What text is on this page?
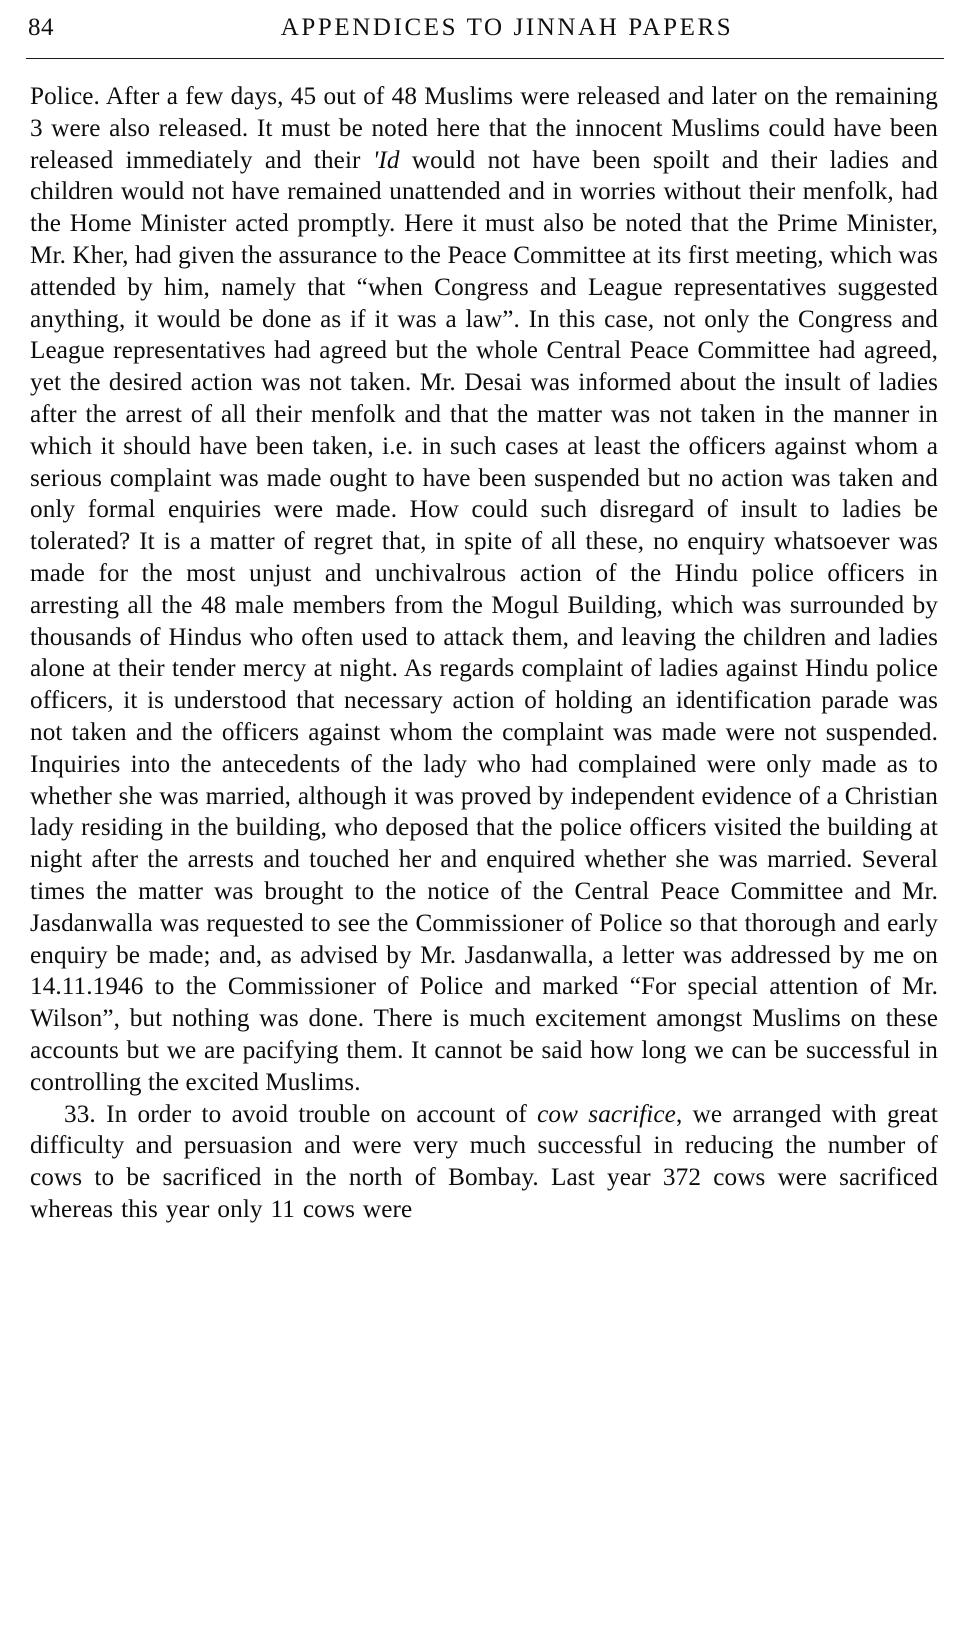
84	APPENDICES TO JINNAH PAPERS

Police. After a few days, 45 out of 48 Muslims were released and later on the remaining 3 were also released. It must be noted here that the innocent Muslims could have been released immediately and their 'Id would not have been spoilt and their ladies and children would not have remained unattended and in worries without their menfolk, had the Home Minister acted promptly. Here it must also be noted that the Prime Minister, Mr. Kher, had given the assurance to the Peace Committee at its first meeting, which was attended by him, namely that “when Congress and League representatives suggested anything, it would be done as if it was a law”. In this case, not only the Congress and League representatives had agreed but the whole Central Peace Committee had agreed, yet the desired action was not taken. Mr. Desai was informed about the insult of ladies after the arrest of all their menfolk and that the matter was not taken in the manner in which it should have been taken, i.e. in such cases at least the officers against whom a serious complaint was made ought to have been suspended but no action was taken and only formal enquiries were made. How could such disregard of insult to ladies be tolerated? It is a matter of regret that, in spite of all these, no enquiry whatsoever was made for the most unjust and unchivalrous action of the Hindu police officers in arresting all the 48 male members from the Mogul Building, which was surrounded by thousands of Hindus who often used to attack them, and leaving the children and ladies alone at their tender mercy at night. As regards complaint of ladies against Hindu police officers, it is understood that necessary action of holding an identification parade was not taken and the officers against whom the complaint was made were not suspended. Inquiries into the antecedents of the lady who had complained were only made as to whether she was married, although it was proved by independent evidence of a Christian lady residing in the building, who deposed that the police officers visited the building at night after the arrests and touched her and enquired whether she was married. Several times the matter was brought to the notice of the Central Peace Committee and Mr. Jasdanwalla was requested to see the Commissioner of Police so that thorough and early enquiry be made; and, as advised by Mr. Jasdanwalla, a letter was addressed by me on 14.11.1946 to the Commissioner of Police and marked “For special attention of Mr. Wilson”, but nothing was done. There is much excitement amongst Muslims on these accounts but we are pacifying them. It cannot be said how long we can be successful in controlling the excited Muslims.

33. In order to avoid trouble on account of cow sacrifice, we arranged with great difficulty and persuasion and were very much successful in reducing the number of cows to be sacrificed in the north of Bombay. Last year 372 cows were sacrificed whereas this year only 11 cows were
